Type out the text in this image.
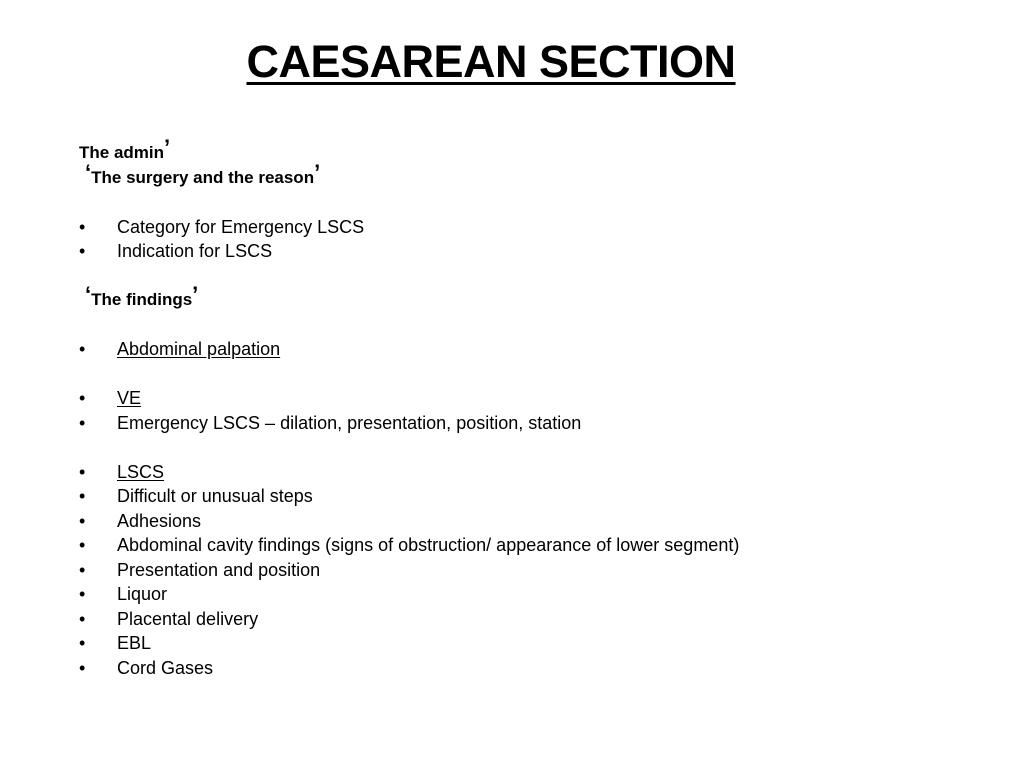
CAESAREAN SECTION
The admin’
‘The surgery and the reason’
•	Category for Emergency LSCS
•	Indication for LSCS
‘The findings’
•	Abdominal palpation
•	VE
•	Emergency LSCS – dilation, presentation, position, station
•	LSCS
•	Difficult or unusual steps
•	Adhesions
•	Abdominal cavity findings (signs of obstruction/ appearance of lower segment)
•	Presentation and position
•	Liquor
•	Placental delivery
•	EBL
•	Cord Gases
